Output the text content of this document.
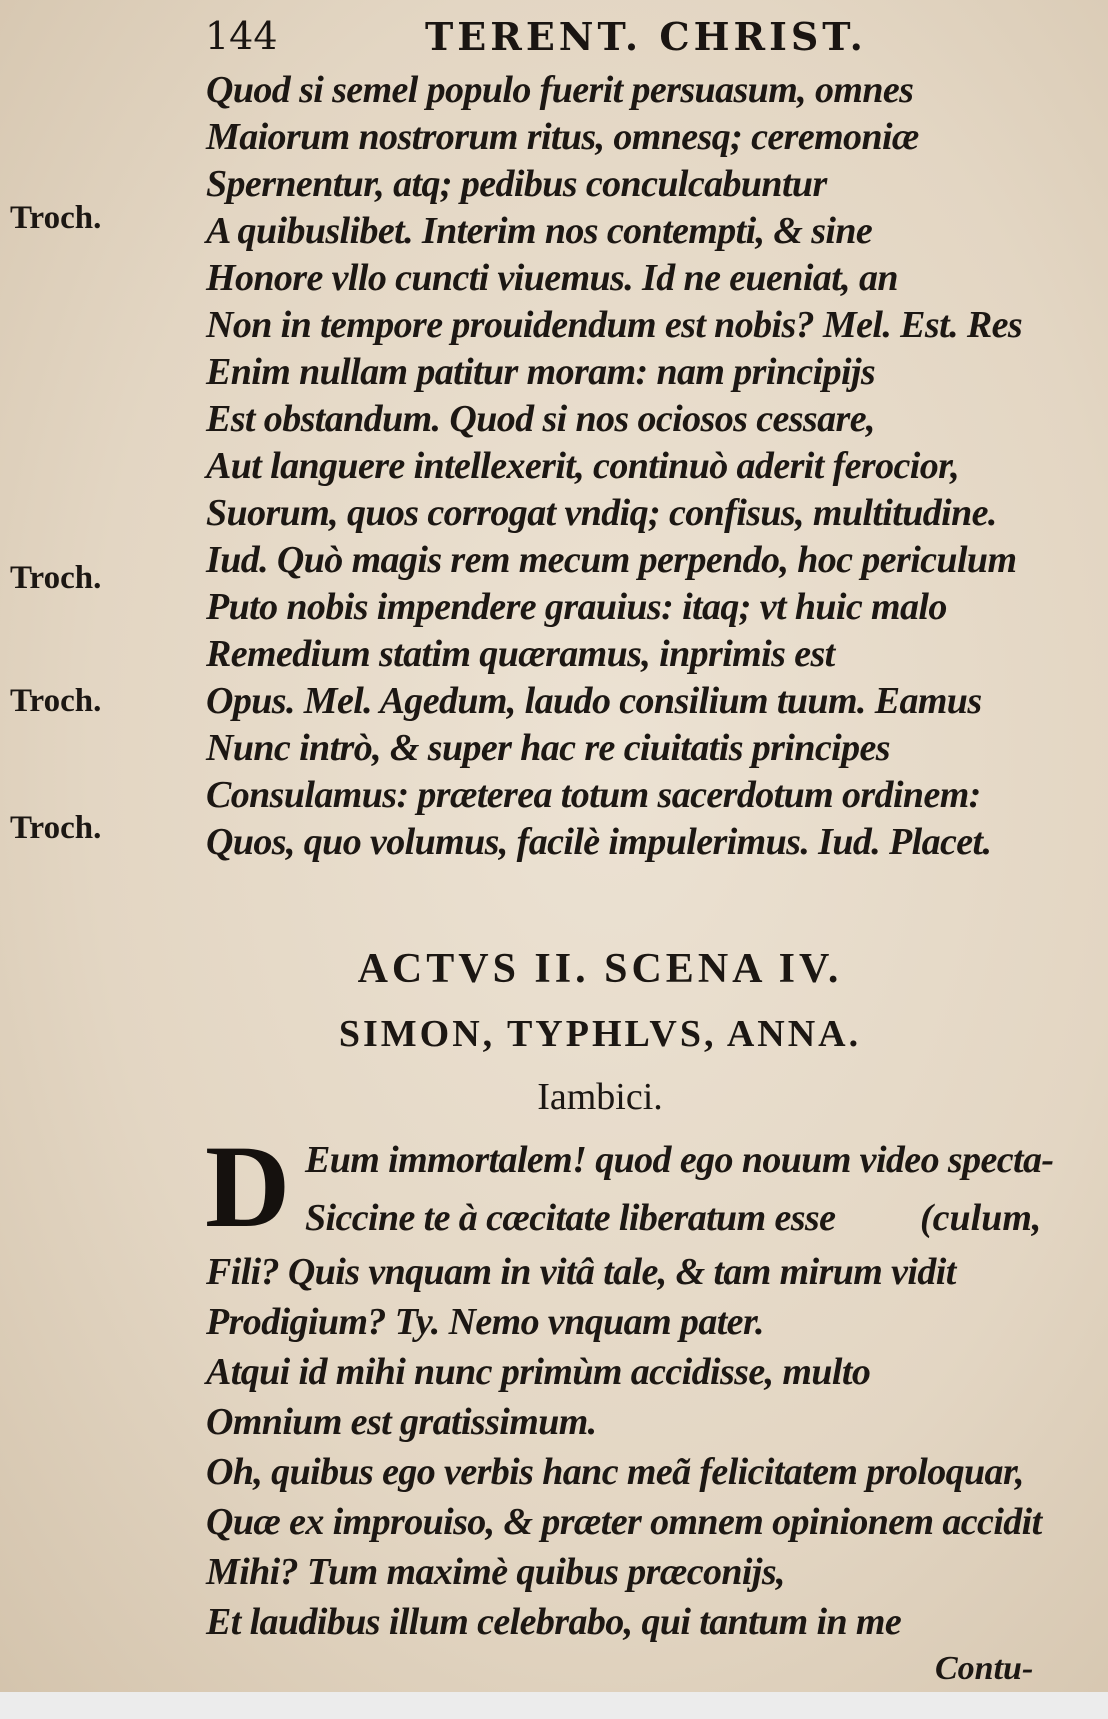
144	TERENT. CHRIST.
Quod si semel populo fuerit persuasum, omnes
Maiorum nostrorum ritus, omnesq; ceremoniæ
Spernentur, atq; pedibus conculcabuntur
A quibuslibet. Interim nos contempti, & sine
Honore vllo cuncti viuemus. Id ne eueniat, an
Non in tempore prouidendum est nobis? Mel. Est. Res
Enim nullam patitur moram: nam principijs
Est obstandum. Quod si nos ociosos cessare,
Aut languere intellexerit, continuò aderit ferocior,
Suorum, quos corrogat vndiq; confisus, multitudine.
Iud. Quò magis rem mecum perpendo, hoc periculum
Puto nobis impendere grauius: itaq; vt huic malo
Remedium statim quæramus, inprimis est
Opus. Mel. Agedum, laudo consilium tuum. Eamus
Nunc intrò, & super hac re ciuitatis principes
Consulamus: præterea totum sacerdotum ordinem:
Quos, quo volumus, facilè impulerimus. Iud. Placet.
Troch.
Troch.
Troch.
Troch.
ACTVS II. SCENA IV.
SIMON, TYPHLVS, ANNA.
Iambici.
D Eum immortalem! quod ego nouum video specta-
Siccine te à cæcitate liberatum esse (culum,
Fili? Quis vnquam in vitâ tale, & tam mirum vidit
Prodigium? Ty. Nemo vnquam pater.
Atqui id mihi nunc primùm accidisse, multo
Omnium est gratissimum.
Oh, quibus ego verbis hanc meã felicitatem proloquar,
Quæ ex improuiso, & præter omnem opinionem accidit
Mihi? Tum maximè quibus præconijs,
Et laudibus illum celebrabo, qui tantum in me
Contu-
